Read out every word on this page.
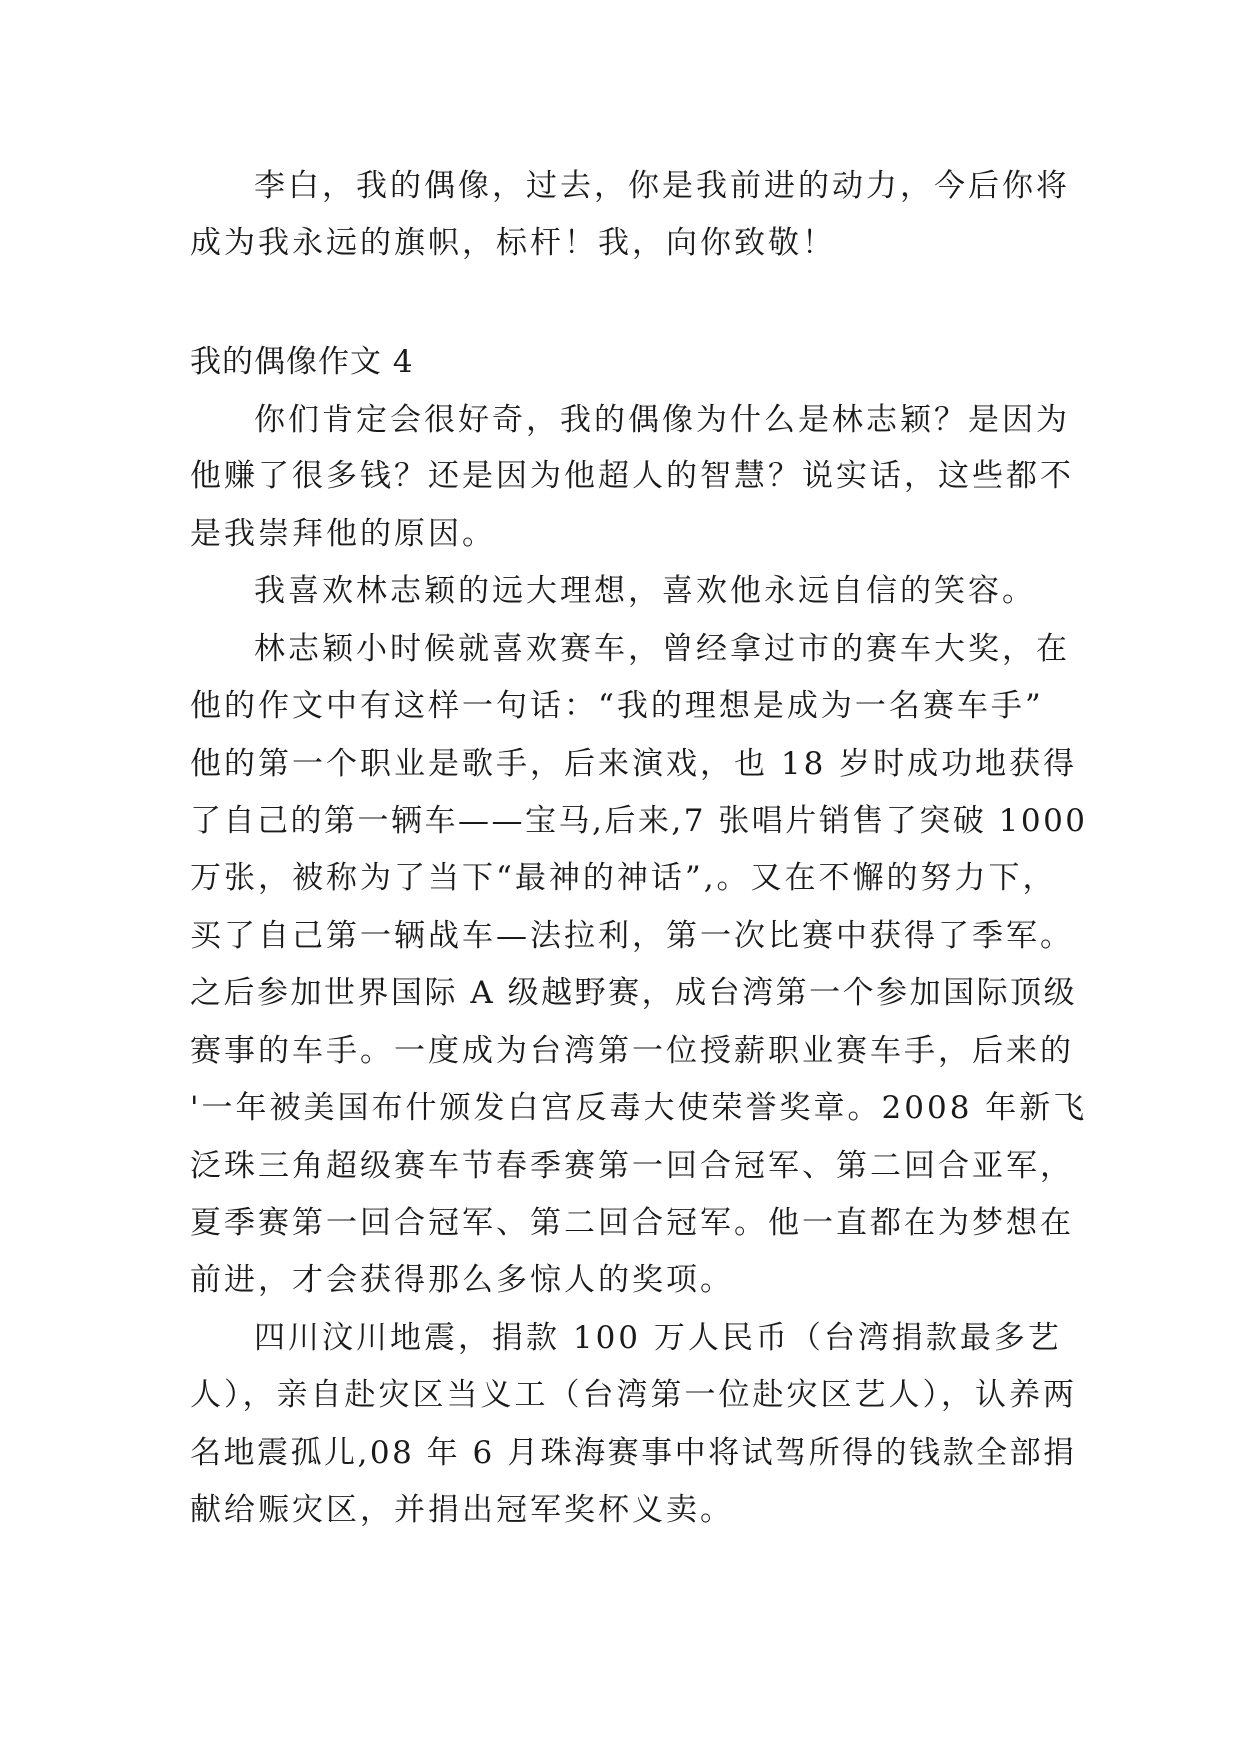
李白，我的偶像，过去，你是我前进的动力，今后你将
成为我永远的旗帜，标杆！我，向你致敬！
我的偶像作文 4
你们肯定会很好奇，我的偶像为什么是林志颖？是因为
他赚了很多钱？还是因为他超人的智慧？说实话，这些都不
是我崇拜他的原因。
我喜欢林志颖的远大理想，喜欢他永远自信的笑容。
林志颖小时候就喜欢赛车，曾经拿过市的赛车大奖，在
他的作文中有这样一句话：“我的理想是成为一名赛车手”
他的第一个职业是歌手，后来演戏，也 18 岁时成功地获得
了自己的第一辆车——宝马,后来,7 张唱片销售了突破 1000
万张，被称为了当下“最神的神话”,。又在不懈的努力下，
买了自己第一辆战车—法拉利，第一次比赛中获得了季军。
之后参加世界国际 A 级越野赛，成台湾第一个参加国际顶级
赛事的车手。一度成为台湾第一位授薪职业赛车手，后来的
'一年被美国布什颁发白宫反毒大使荣誉奖章。2008 年新飞
泛珠三角超级赛车节春季赛第一回合冠军、第二回合亚军，
夏季赛第一回合冠军、第二回合冠军。他一直都在为梦想在
前进，才会获得那么多惊人的奖项。
四川汶川地震，捐款 100 万人民币（台湾捐款最多艺
人），亲自赴灾区当义工（台湾第一位赴灾区艺人），认养两
名地震孤儿,08 年 6 月珠海赛事中将试驾所得的钱款全部捐
献给赈灾区，并捐出冠军奖杯义卖。
